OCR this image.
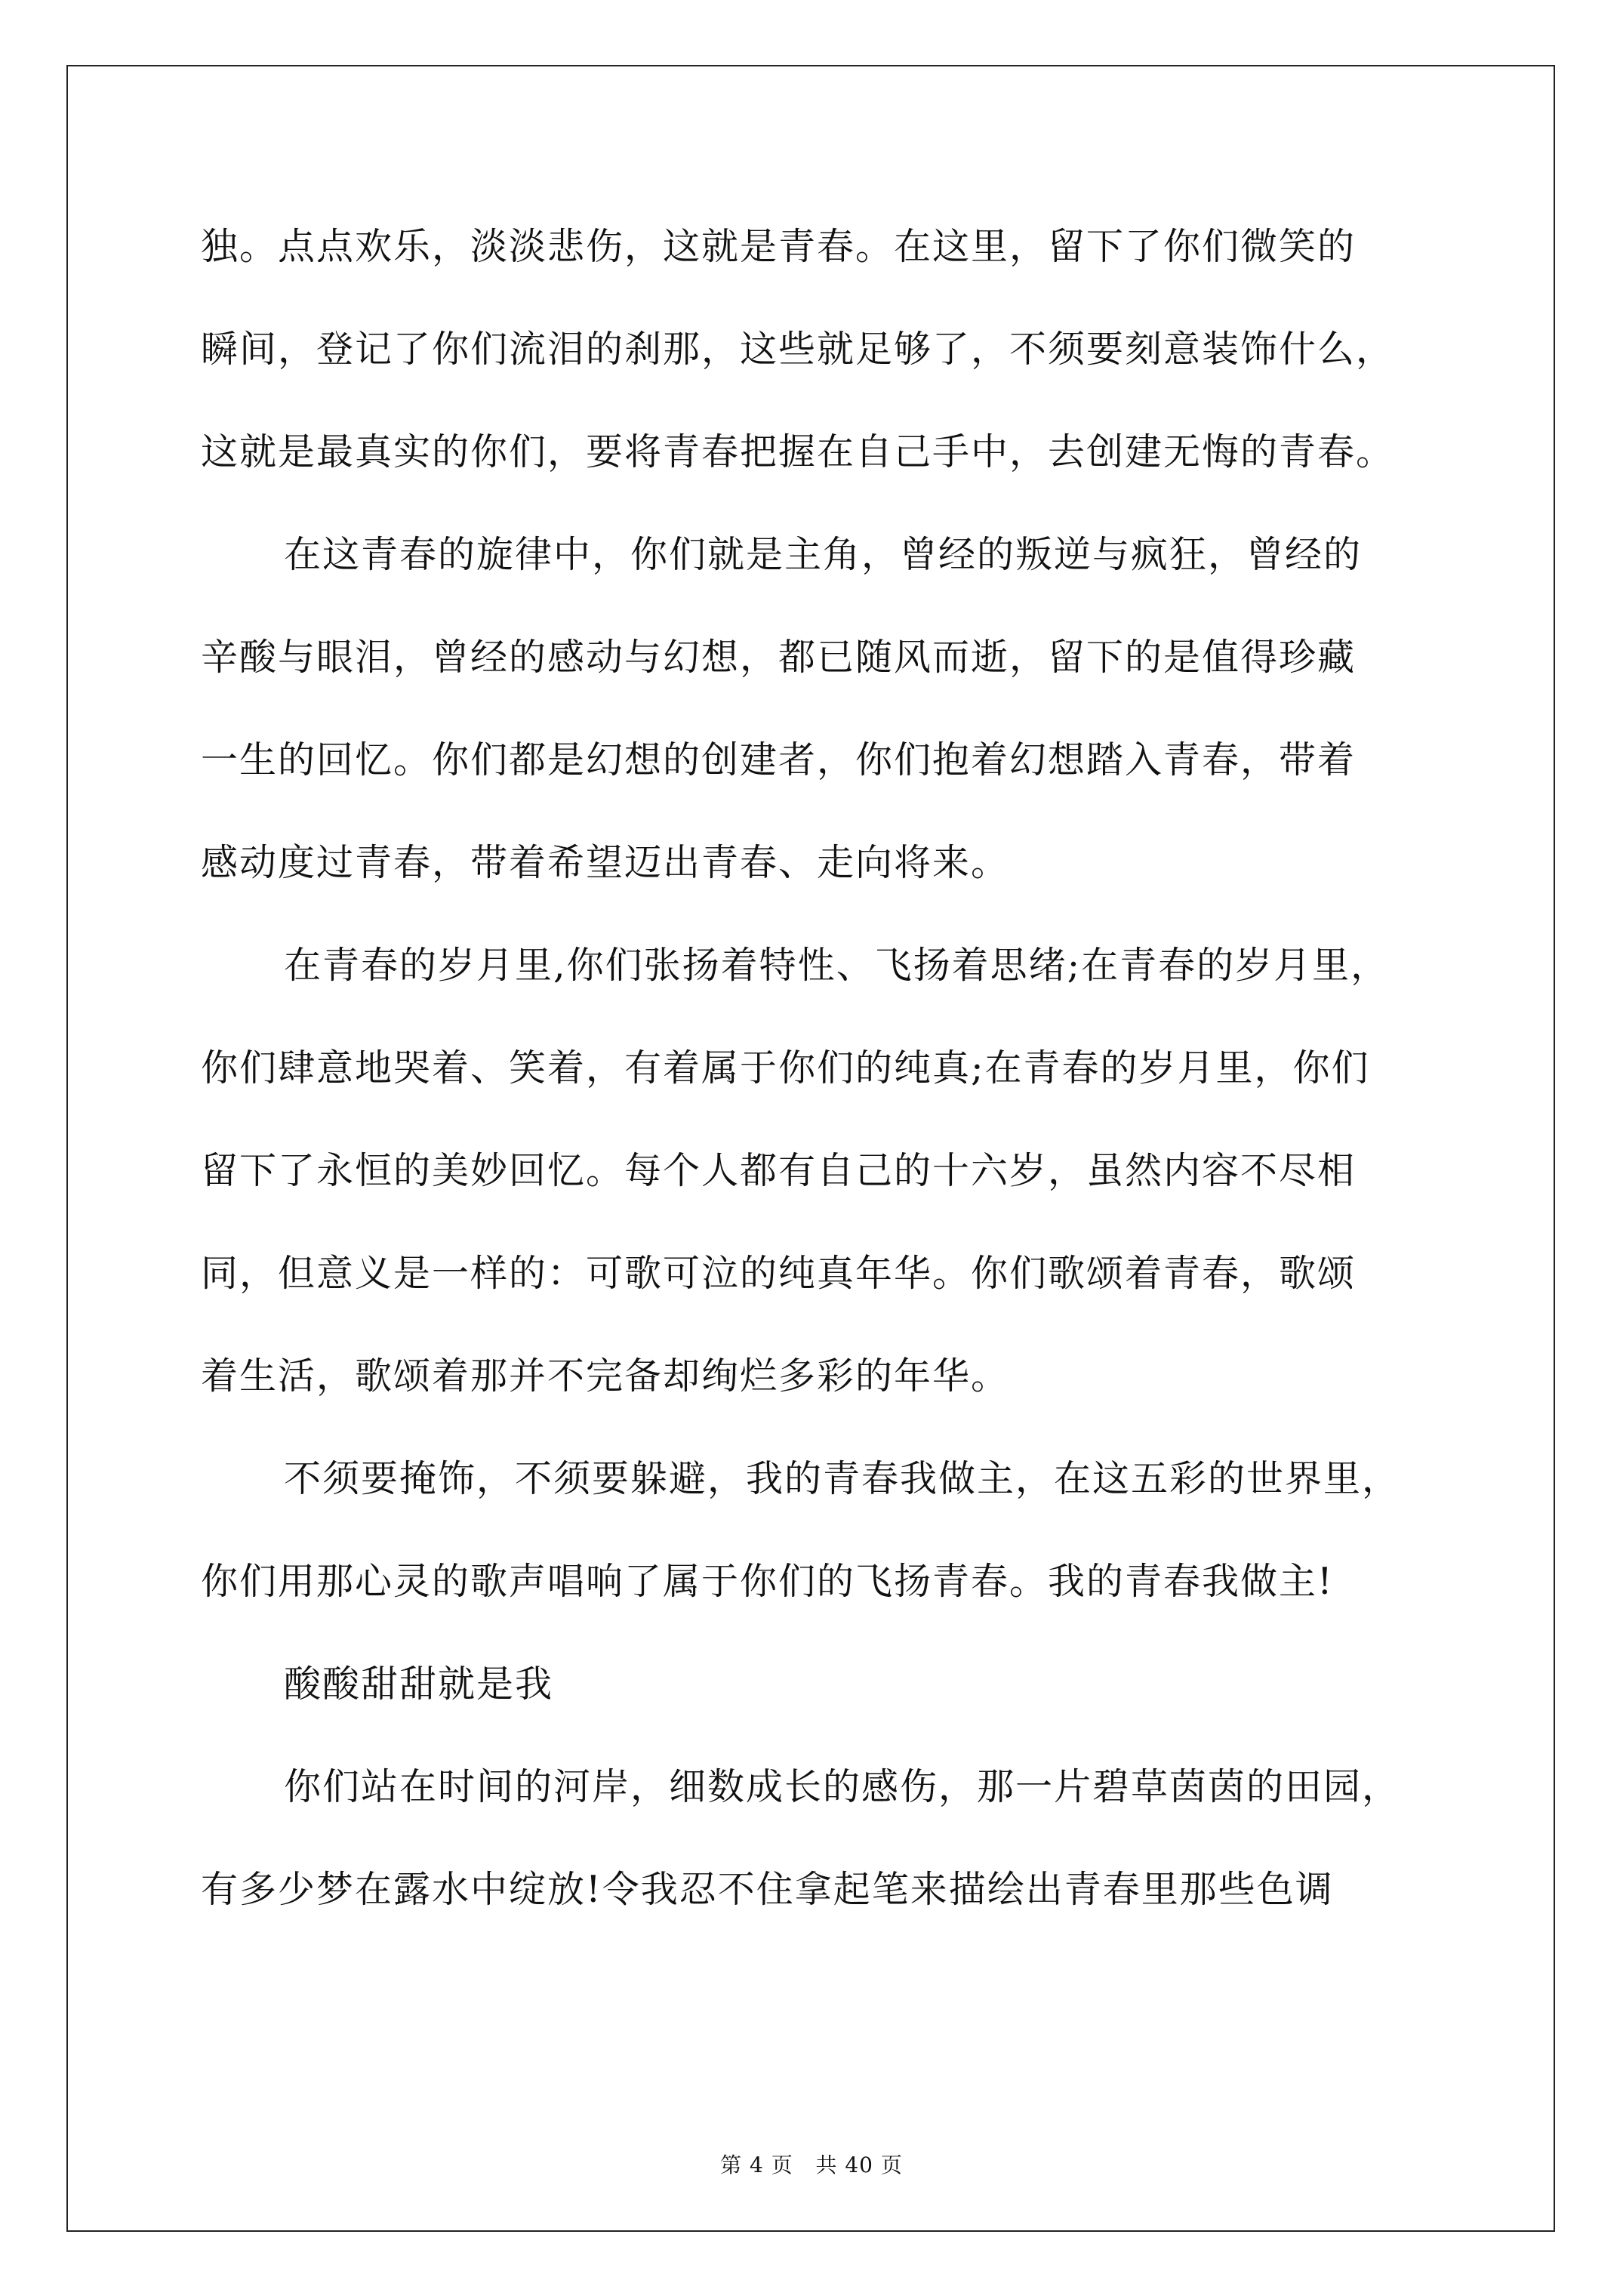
独。点点欢乐，淡淡悲伤，这就是青春。在这里，留下了你们微笑的
瞬间，登记了你们流泪的刹那，这些就足够了，不须要刻意装饰什么，
这就是最真实的你们，要将青春把握在自己手中，去创建无悔的青春。
在这青春的旋律中，你们就是主角，曾经的叛逆与疯狂，曾经的
辛酸与眼泪，曾经的感动与幻想，都已随风而逝，留下的是值得珍藏
一生的回忆。你们都是幻想的创建者，你们抱着幻想踏入青春，带着
感动度过青春，带着希望迈出青春、走向将来。
在青春的岁月里,你们张扬着特性、飞扬着思绪;在青春的岁月里，
你们肆意地哭着、笑着，有着属于你们的纯真;在青春的岁月里，你们
留下了永恒的美妙回忆。每个人都有自己的十六岁，虽然内容不尽相
同，但意义是一样的：可歌可泣的纯真年华。你们歌颂着青春，歌颂
着生活，歌颂着那并不完备却绚烂多彩的年华。
不须要掩饰，不须要躲避，我的青春我做主，在这五彩的世界里，
你们用那心灵的歌声唱响了属于你们的飞扬青春。我的青春我做主!
酸酸甜甜就是我
你们站在时间的河岸，细数成长的感伤，那一片碧草茵茵的田园，
有多少梦在露水中绽放!令我忍不住拿起笔来描绘出青春里那些色调
第 4 页   共 40 页
